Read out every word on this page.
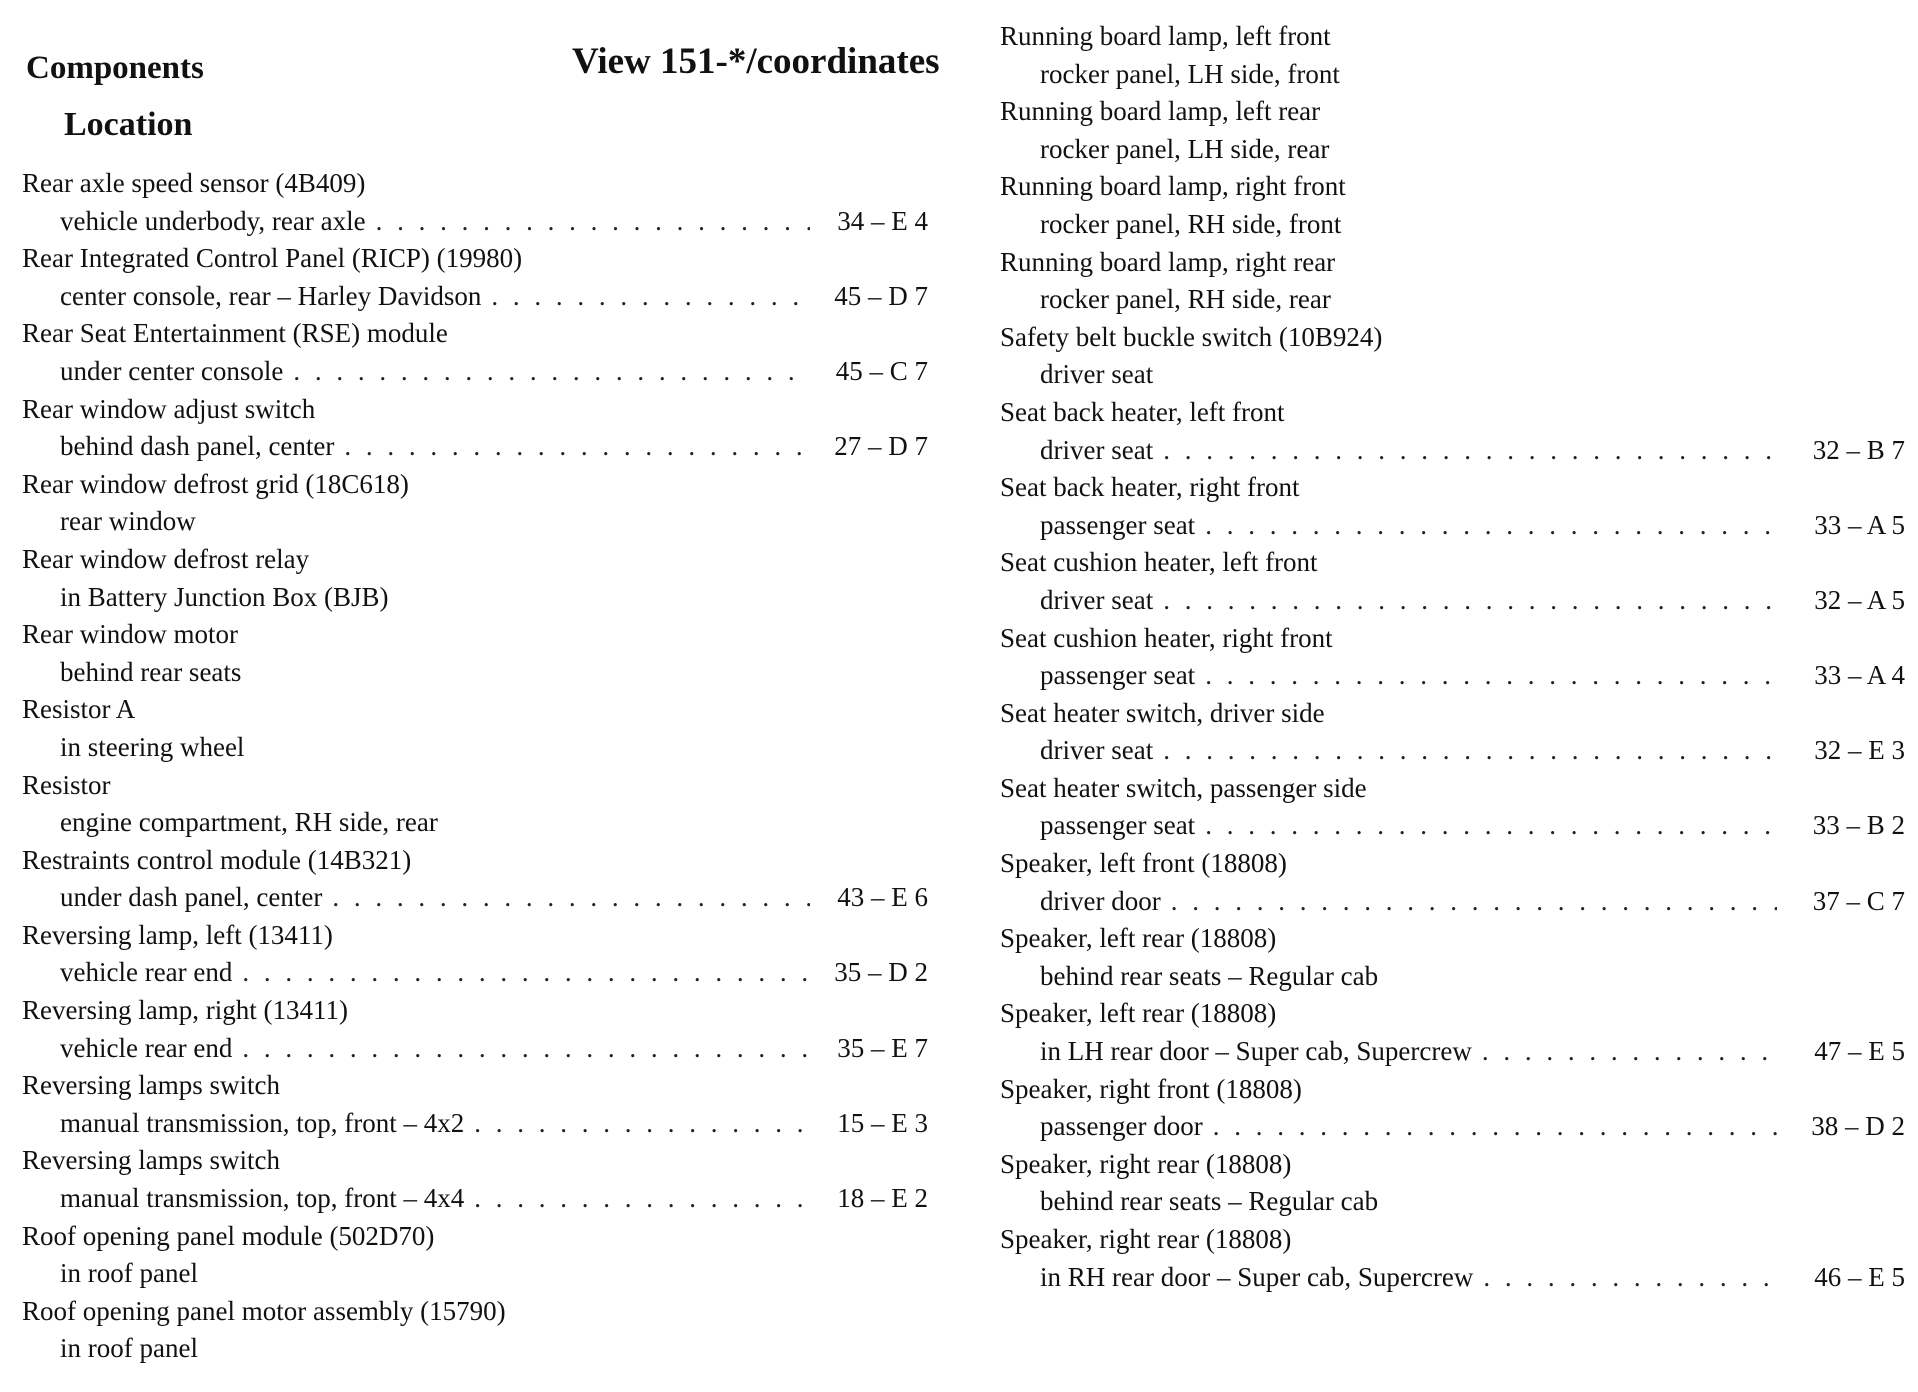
Components	View 151-*/coordinates
Location
Rear axle speed sensor (4B409)
vehicle underbody, rear axle . . .	34 – E 4
Rear Integrated Control Panel (RICP) (19980)
center console, rear – Harley Davidson . . .	45 – D 7
Rear Seat Entertainment (RSE) module
under center console . . .	45 – C 7
Rear window adjust switch
behind dash panel, center . . .	27 – D 7
Rear window defrost grid (18C618)
rear window
Rear window defrost relay
in Battery Junction Box (BJB)
Rear window motor
behind rear seats
Resistor A
in steering wheel
Resistor
engine compartment, RH side, rear
Restraints control module (14B321)
under dash panel, center . . .	43 – E 6
Reversing lamp, left (13411)
vehicle rear end . . .	35 – D 2
Reversing lamp, right (13411)
vehicle rear end . . .	35 – E 7
Reversing lamps switch
manual transmission, top, front – 4x2 . . .	15 – E 3
Reversing lamps switch
manual transmission, top, front – 4x4 . . .	18 – E 2
Roof opening panel module (502D70)
in roof panel
Roof opening panel motor assembly (15790)
in roof panel
Running board lamp, left front
rocker panel, LH side, front
Running board lamp, left rear
rocker panel, LH side, rear
Running board lamp, right front
rocker panel, RH side, front
Running board lamp, right rear
rocker panel, RH side, rear
Safety belt buckle switch (10B924)
driver seat
Seat back heater, left front
driver seat . . .	32 – B 7
Seat back heater, right front
passenger seat . . .	33 – A 5
Seat cushion heater, left front
driver seat . . .	32 – A 5
Seat cushion heater, right front
passenger seat . . .	33 – A 4
Seat heater switch, driver side
driver seat . . .	32 – E 3
Seat heater switch, passenger side
passenger seat . . .	33 – B 2
Speaker, left front (18808)
driver door . . .	37 – C 7
Speaker, left rear (18808)
behind rear seats – Regular cab
Speaker, left rear (18808)
in LH rear door – Super cab, Supercrew . . .	47 – E 5
Speaker, right front (18808)
passenger door . . .	38 – D 2
Speaker, right rear (18808)
behind rear seats – Regular cab
Speaker, right rear (18808)
in RH rear door – Super cab, Supercrew . . .	46 – E 5
